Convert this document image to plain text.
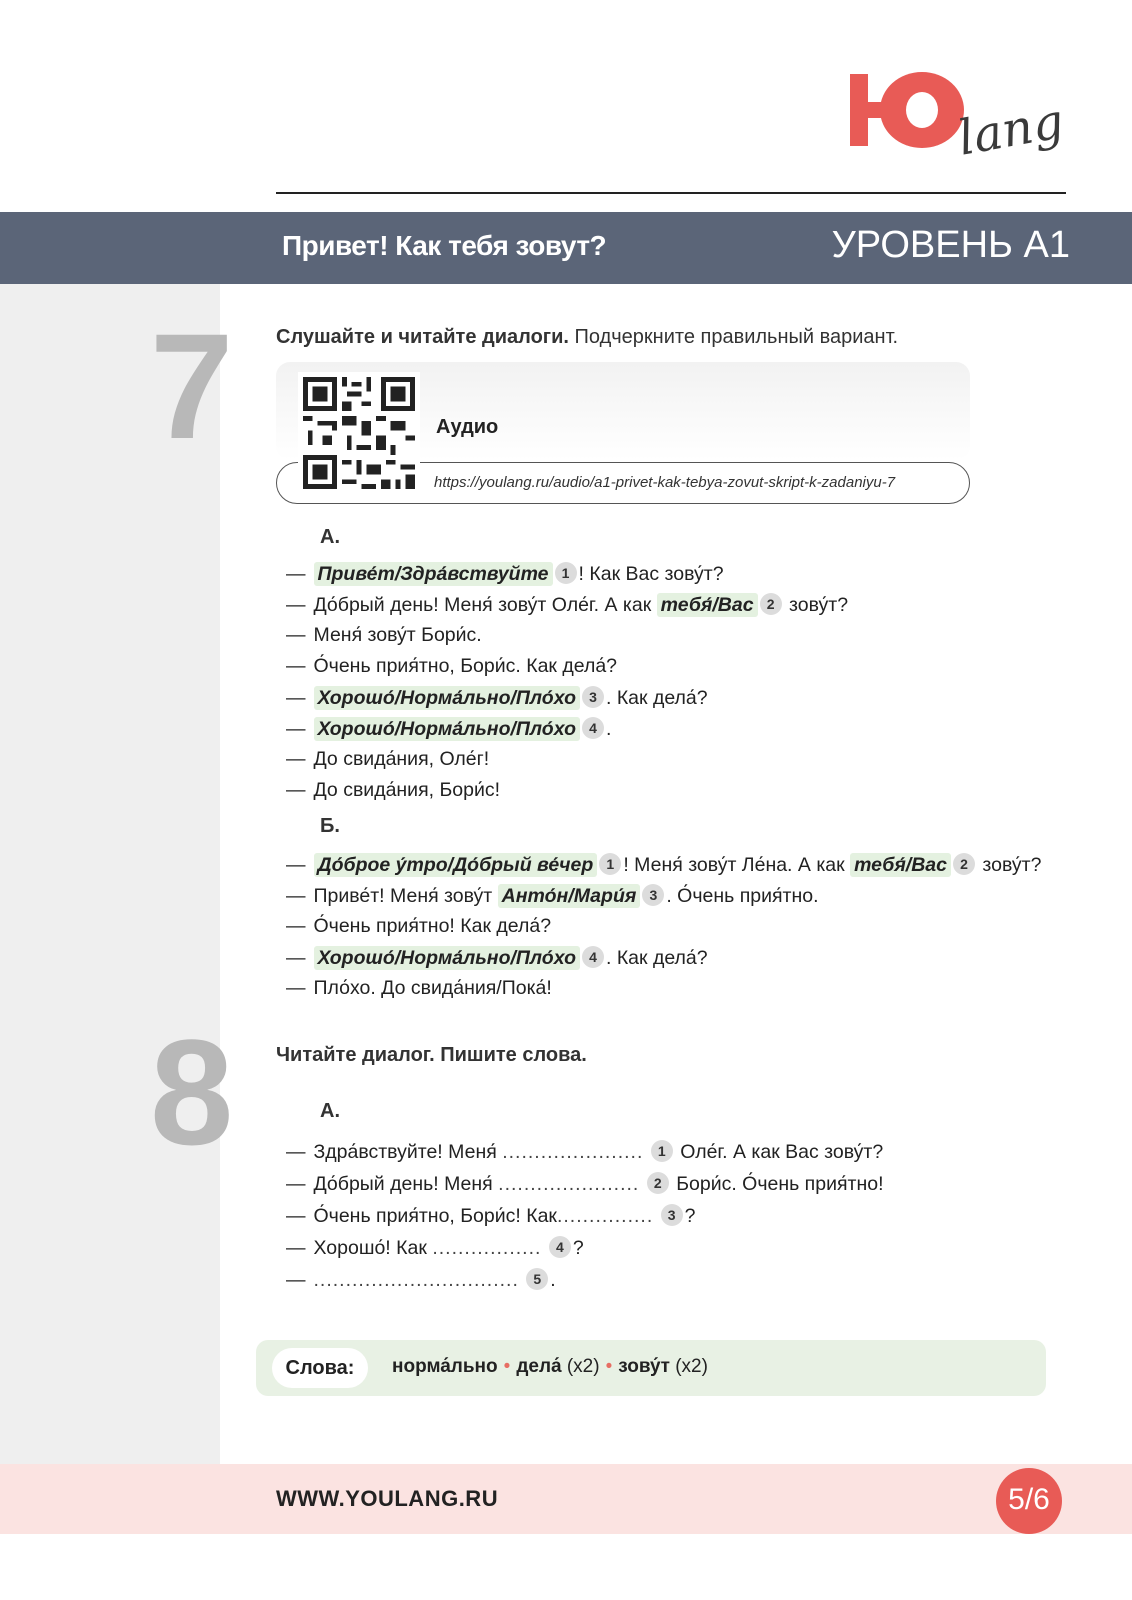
lang
Привет! Как тебя зовут?	УРОВЕНЬ А1
7 Слушайте и читайте диалоги. Подчеркните правильный вариант.
Аудио
https://youlang.ru/audio/a1-privet-kak-tebya-zovut-skript-k-zadaniyu-7
А.
— Приве́т/Здра́вствуйте 1 ! Как Вас зову́т?
— До́брый день! Меня́ зову́т Оле́г. А как тебя́/Вас 2 зову́т?
— Меня́ зову́т Бори́с.
— О́чень прия́тно, Бори́с. Как дела́?
— Хорошо́/Норма́льно/Пло́хо 3 . Как дела́?
— Хорошо́/Норма́льно/Пло́хо 4 .
— До свида́ния, Оле́г!
— До свида́ния, Бори́с!
Б.
— До́брое у́тро/До́брый ве́чер 1 ! Меня́ зову́т Ле́на. А как тебя́/Вас 2 зову́т?
— Приве́т! Меня́ зову́т Анто́н/Мари́я 3 . О́чень прия́тно.
— О́чень прия́тно! Как дела́?
— Хорошо́/Норма́льно/Пло́хо 4 . Как дела́?
— Пло́хо. До свида́ния/Пока́!
8 Читайте диалог. Пишите слова.
А.
— Здра́вствуйте! Меня́ ...................... 1 Оле́г. А как Вас зову́т?
— До́брый день! Меня́ ...................... 2 Бори́с. О́чень прия́тно!
— О́чень прия́тно, Бори́с! Как............... 3 ?
— Хорошо́! Как ................. 4 ?
— ................................ 5 .
Слова:	норма́льно • дела́ (x2) • зову́т (x2)
WWW.YOULANG.RU	5/6
